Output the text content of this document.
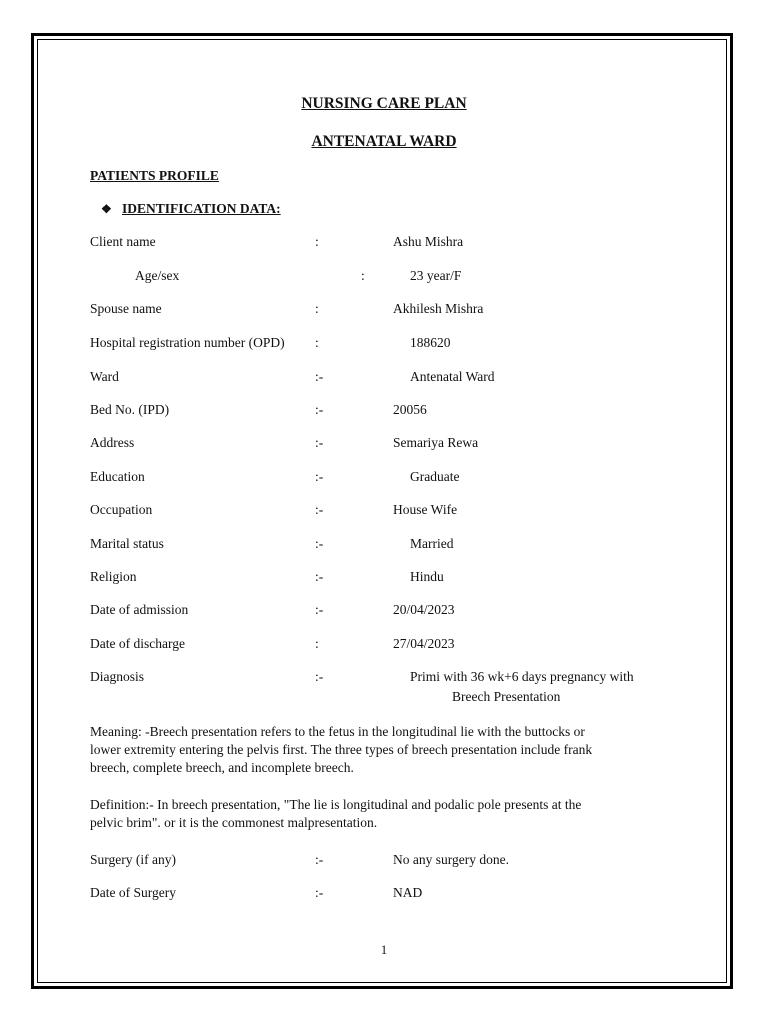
NURSING CARE PLAN
ANTENATAL WARD
PATIENTS PROFILE
❖ IDENTIFICATION DATA:
Client name	:	Ashu Mishra
Age/sex	:	23 year/F
Spouse name	:	Akhilesh Mishra
Hospital registration number (OPD) :	188620
Ward	:-	Antenatal Ward
Bed No. (IPD)	:-	20056
Address	:-	Semariya Rewa
Education	:-	Graduate
Occupation	:-	House Wife
Marital status	:-	Married
Religion	:-	Hindu
Date of admission	:-	20/04/2023
Date of discharge	:	27/04/2023
Diagnosis	:-	Primi with 36 wk+6 days pregnancy with
Breech Presentation
Meaning: -Breech presentation refers to the fetus in the longitudinal lie with the buttocks or
lower extremity entering the pelvis first. The three types of breech presentation include frank
breech, complete breech, and incomplete breech.
Definition:- In breech presentation, "The lie is longitudinal and podalic pole presents at the
pelvic brim". or it is the commonest malpresentation.
Surgery (if any)	:-	No any surgery done.
Date of Surgery	:-	NAD
1
